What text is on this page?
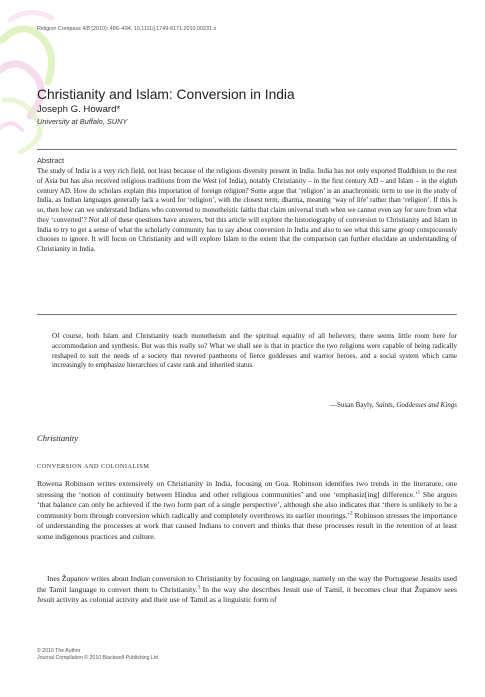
Religion Compass 4/8 (2010): 486–494, 10.1111/j.1749-8171.2010.00231.x
Christianity and Islam: Conversion in India
Joseph G. Howard*
University at Buffalo, SUNY
Abstract

The study of India is a very rich field, not least because of the religious diversity present in India. India has not only exported Buddhism to the rest of Asia but has also received religious traditions from the West (of India), notably Christianity – in the first century AD – and Islam – in the eighth century AD. How do scholars explain this importation of foreign religion? Some argue that ‘religion’ is an anachronistic term to use in the study of India, as Indian languages generally lack a word for ‘religion’, with the closest term, dharma, meaning ‘way of life’ rather than ‘religion’. If this is so, then how can we understand Indians who converted to monotheistic faiths that claim universal truth when we cannot even say for sure from what they ‘converted’? Not all of these questions have answers, but this article will explore the historiography of conversion to Christianity and Islam in India to try to get a sense of what the scholarly community has to say about conversion in India and also to see what this same group conspicuously chooses to ignore. It will focus on Christianity and will explore Islam to the extent that the comparison can further elucidate an understanding of Christianity in India.

Of course, both Islam and Christianity teach monotheism and the spiritual equality of all believers; there seems little room here for accommodation and synthesis. But was this really so? What we shall see is that in practice the two religions were capable of being radically reshaped to suit the needs of a society that revered pantheons of fierce goddesses and warrior heroes, and a social system which came increasingly to emphasize hierarchies of caste rank and inherited status.

—Susan Bayly, Saints, Goddesses and Kings
Christianity
CONVERSION AND COLONIALISM

Rowena Robinson writes extensively on Christianity in India, focusing on Goa. Robinson identifies two trends in the literature, one stressing the ‘notion of continuity between Hindus and other religious communities’ and one ‘emphasiz[ing] difference.’$^1$ She argues ‘that balance can only be achieved if the two form part of a single perspective’, although she also indicates that ‘there is unlikely to be a community born through conversion which radically and completely overthrows its earlier moorings.’$^2$ Robinson stresses the importance of understanding the processes at work that caused Indians to convert and thinks that these processes result in the retention of at least some indigenous practices and culture.

Ines Županov writes about Indian conversion to Christianity by focusing on language, namely on the way the Portuguese Jesuits used the Tamil language to convert them to Christianity.$^3$ In the way she describes Jesuit use of Tamil, it becomes clear that Županov sees Jesuit activity as colonial activity and their use of Tamil as a linguistic form of

© 2010 The Author
Journal Compilation © 2010 Blackwell Publishing Ltd
